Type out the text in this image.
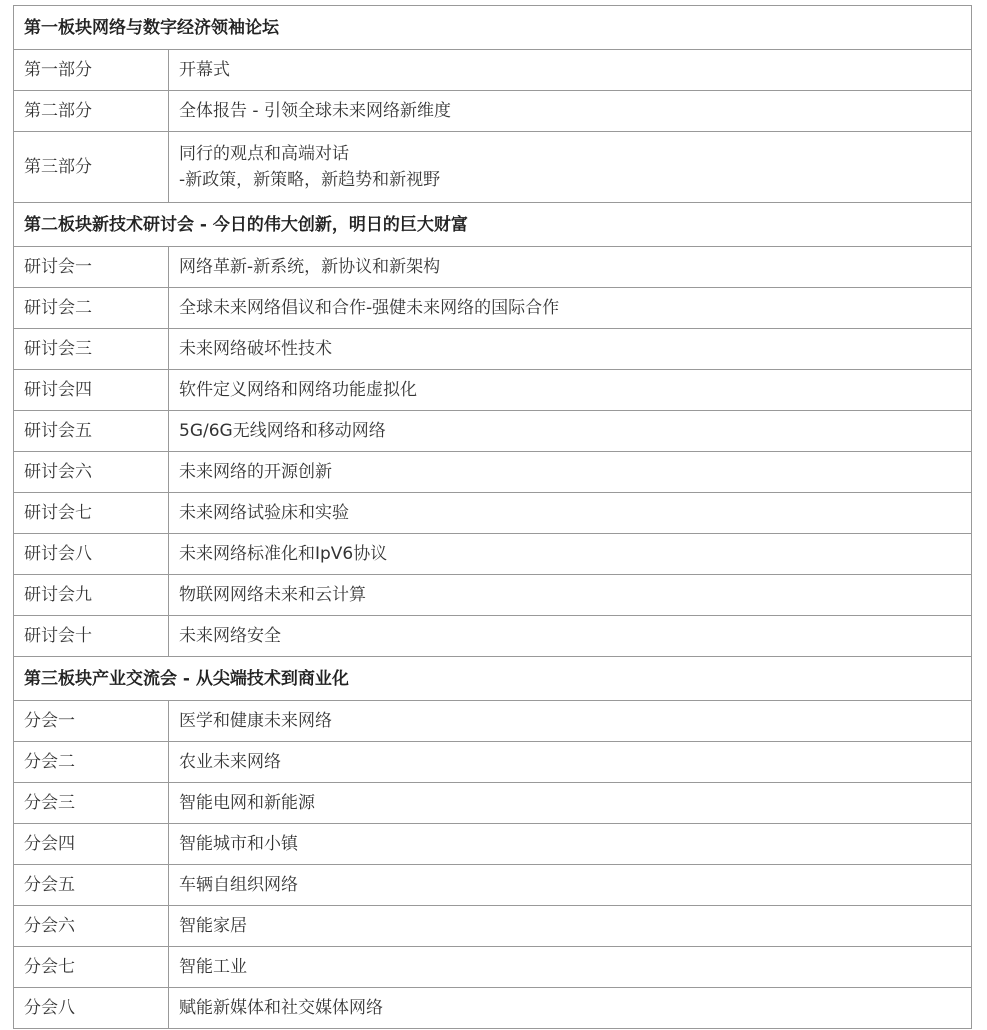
第一板块网络与数字经济领袖论坛	
第一部分	开幕式

第二部分	全体报告 - 引领全球未来网络新维度

第三部分	同行的观点和高端对话
-新政策，新策略，新趋势和新视野

第二板块新技术研讨会 - 今日的伟大创新，明日的巨大财富	
研讨会一	网络革新-新系统，新协议和新架构

研讨会二	全球未来网络倡议和合作-强健未来网络的国际合作

研讨会三	未来网络破坏性技术

研讨会四	软件定义网络和网络功能虚拟化

研讨会五	5G/6G无线网络和移动网络

研讨会六	未来网络的开源创新

研讨会七	未来网络试验床和实验

研讨会八	未来网络标准化和IpV6协议

研讨会九	物联网网络未来和云计算

研讨会十	未来网络安全

第三板块产业交流会 - 从尖端技术到商业化	
分会一	医学和健康未来网络

分会二	农业未来网络

分会三	智能电网和新能源

分会四	智能城市和小镇

分会五	车辆自组织网络

分会六	智能家居

分会七	智能工业

分会八	赋能新媒体和社交媒体网络
